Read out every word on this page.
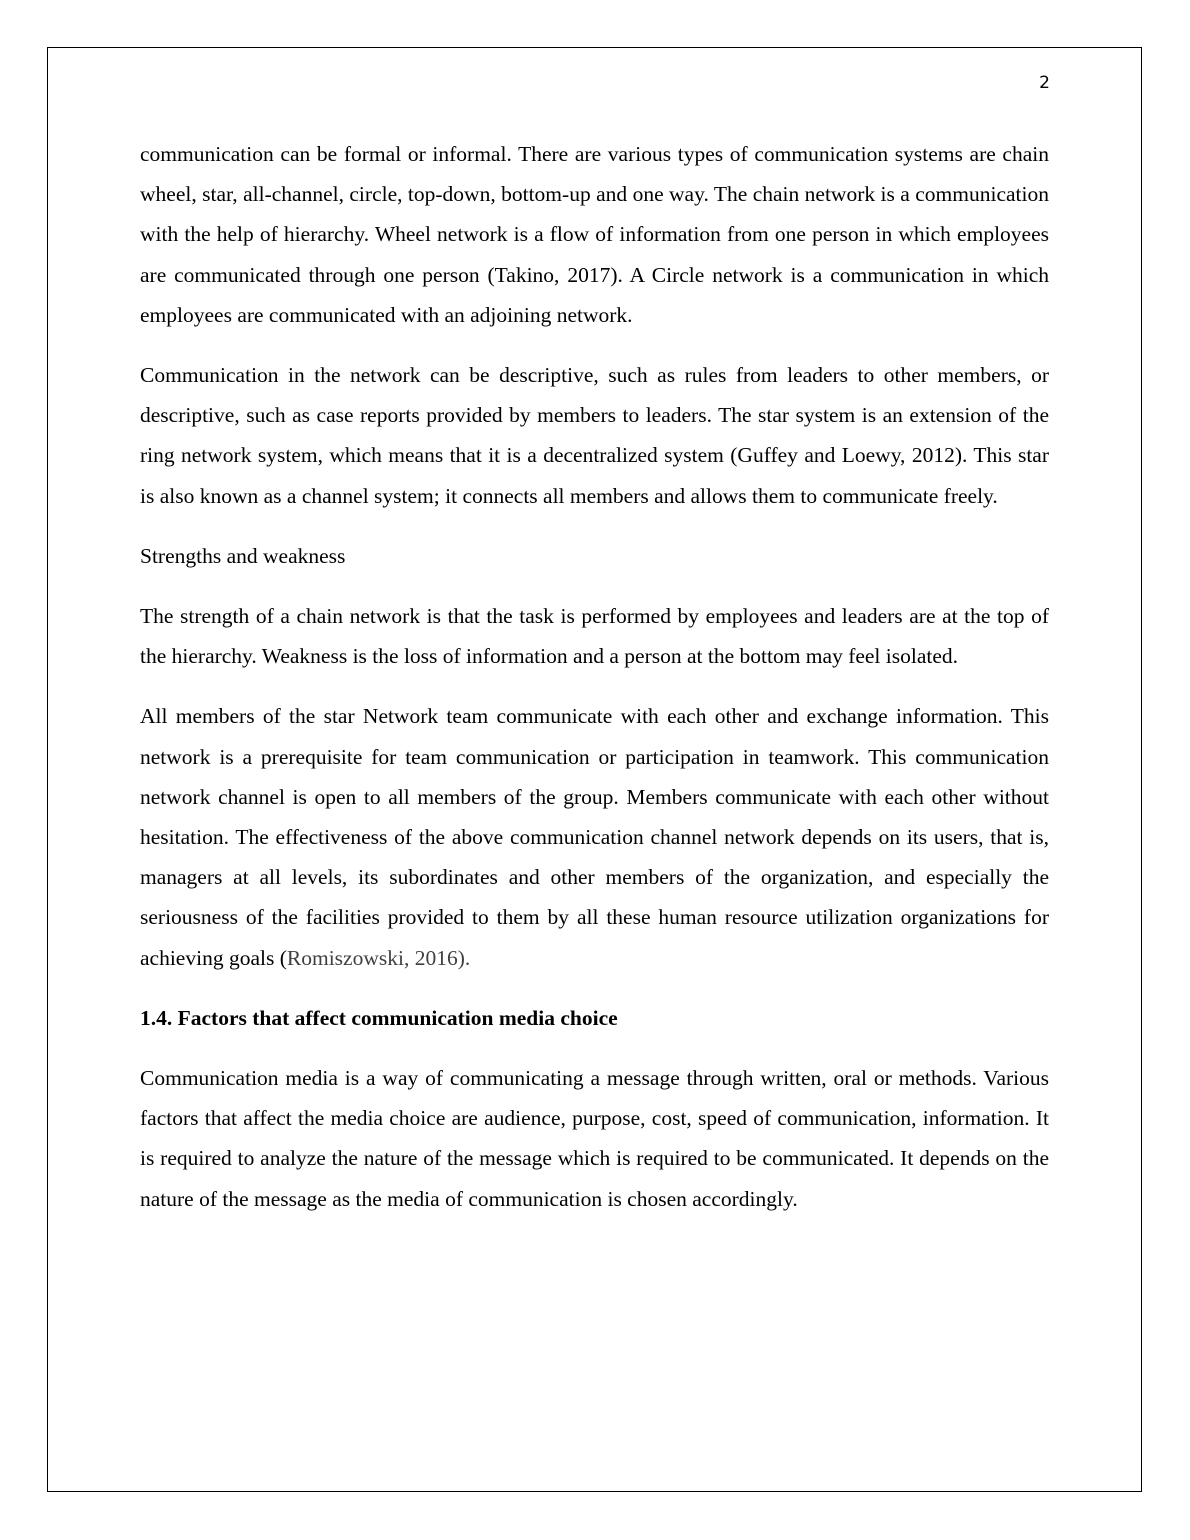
2

communication can be formal or informal. There are various types of communication systems are chain wheel, star, all-channel, circle, top-down, bottom-up and one way. The chain network is a communication with the help of hierarchy. Wheel network is a flow of information from one person in which employees are communicated through one person (Takino, 2017). A Circle network is a communication in which employees are communicated with an adjoining network.

Communication in the network can be descriptive, such as rules from leaders to other members, or descriptive, such as case reports provided by members to leaders. The star system is an extension of the ring network system, which means that it is a decentralized system (Guffey and Loewy, 2012). This star is also known as a channel system; it connects all members and allows them to communicate freely.

Strengths and weakness

The strength of a chain network is that the task is performed by employees and leaders are at the top of the hierarchy. Weakness is the loss of information and a person at the bottom may feel isolated.

All members of the star Network team communicate with each other and exchange information. This network is a prerequisite for team communication or participation in teamwork. This communication network channel is open to all members of the group. Members communicate with each other without hesitation. The effectiveness of the above communication channel network depends on its users, that is, managers at all levels, its subordinates and other members of the organization, and especially the seriousness of the facilities provided to them by all these human resource utilization organizations for achieving goals (Romiszowski, 2016).

1.4. Factors that affect communication media choice

Communication media is a way of communicating a message through written, oral or methods. Various factors that affect the media choice are audience, purpose, cost, speed of communication, information. It is required to analyze the nature of the message which is required to be communicated. It depends on the nature of the message as the media of communication is chosen accordingly.
